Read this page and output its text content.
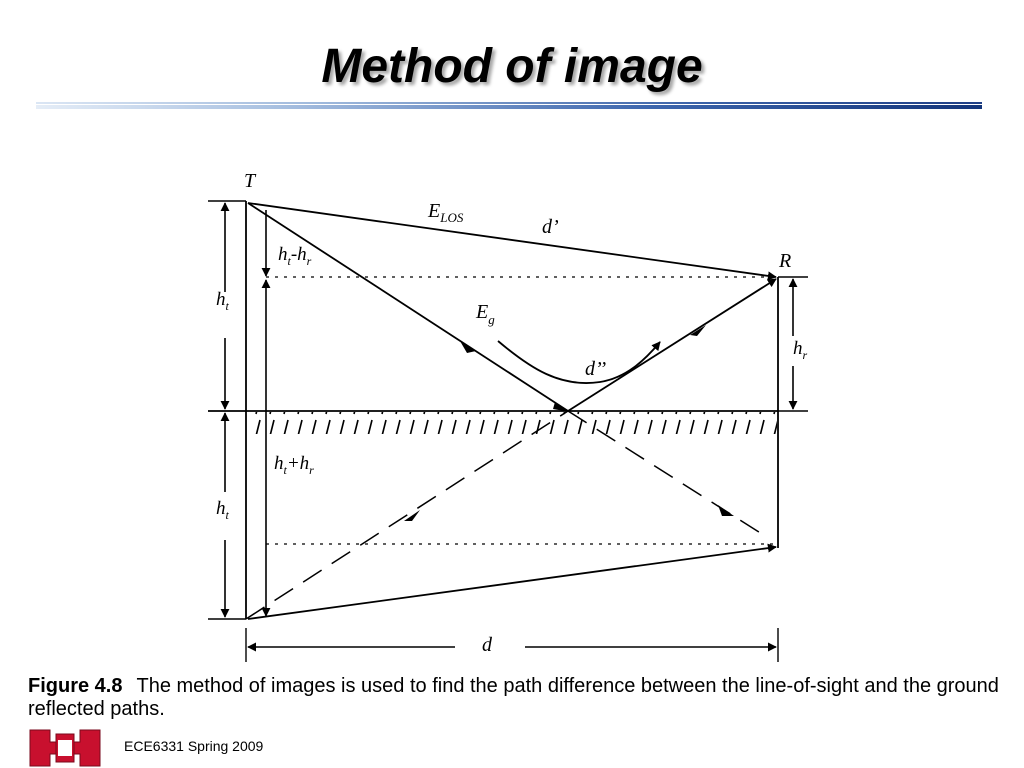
Method of image
T
R
$E_{LOS}$	d’
$E_g$
d’’
$h_t-h_r$
$h_t+h_r$
$h_t$
$h_t$
$h_r$
d
Figure 4.8 The method of images is used to find the path difference between the line-of-sight and the ground reflected paths.
ECE6331 Spring 2009
